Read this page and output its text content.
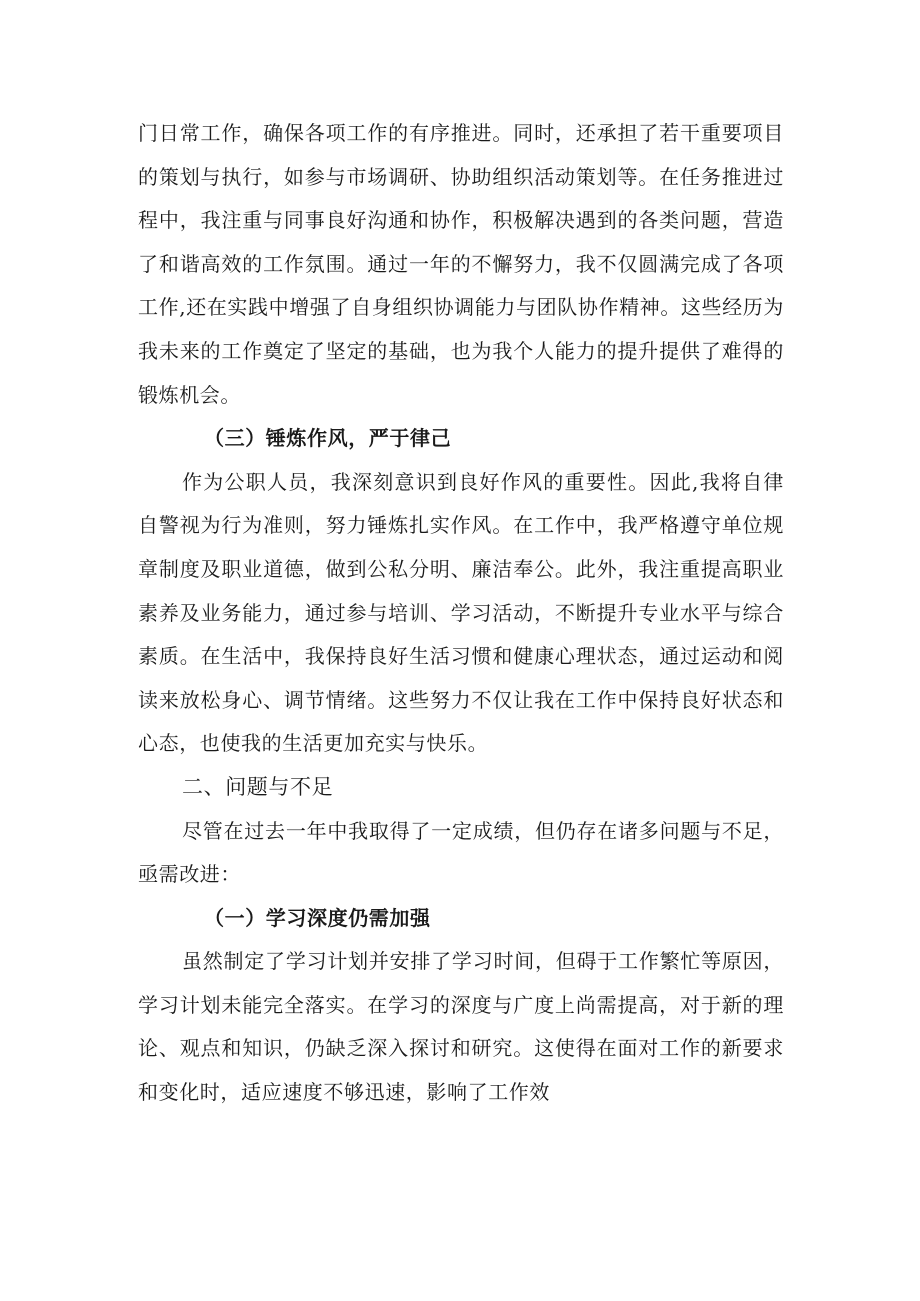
门日常工作，确保各项工作的有序推进。同时，还承担了若干重要项目的策划与执行，如参与市场调研、协助组织活动策划等。在任务推进过程中，我注重与同事良好沟通和协作，积极解决遇到的各类问题，营造了和谐高效的工作氛围。通过一年的不懈努力，我不仅圆满完成了各项工作,还在实践中增强了自身组织协调能力与团队协作精神。这些经历为我未来的工作奠定了坚定的基础，也为我个人能力的提升提供了难得的锻炼机会。

（三）锤炼作风，严于律己

作为公职人员，我深刻意识到良好作风的重要性。因此,我将自律自警视为行为准则，努力锤炼扎实作风。在工作中，我严格遵守单位规章制度及职业道德，做到公私分明、廉洁奉公。此外，我注重提高职业素养及业务能力，通过参与培训、学习活动，不断提升专业水平与综合素质。在生活中，我保持良好生活习惯和健康心理状态，通过运动和阅读来放松身心、调节情绪。这些努力不仅让我在工作中保持良好状态和心态，也使我的生活更加充实与快乐。

二、问题与不足

尽管在过去一年中我取得了一定成绩，但仍存在诸多问题与不足，亟需改进：

（一）学习深度仍需加强

虽然制定了学习计划并安排了学习时间，但碍于工作繁忙等原因，学习计划未能完全落实。在学习的深度与广度上尚需提高，对于新的理论、观点和知识，仍缺乏深入探讨和研究。这使得在面对工作的新要求和变化时，适应速度不够迅速，影响了工作效
